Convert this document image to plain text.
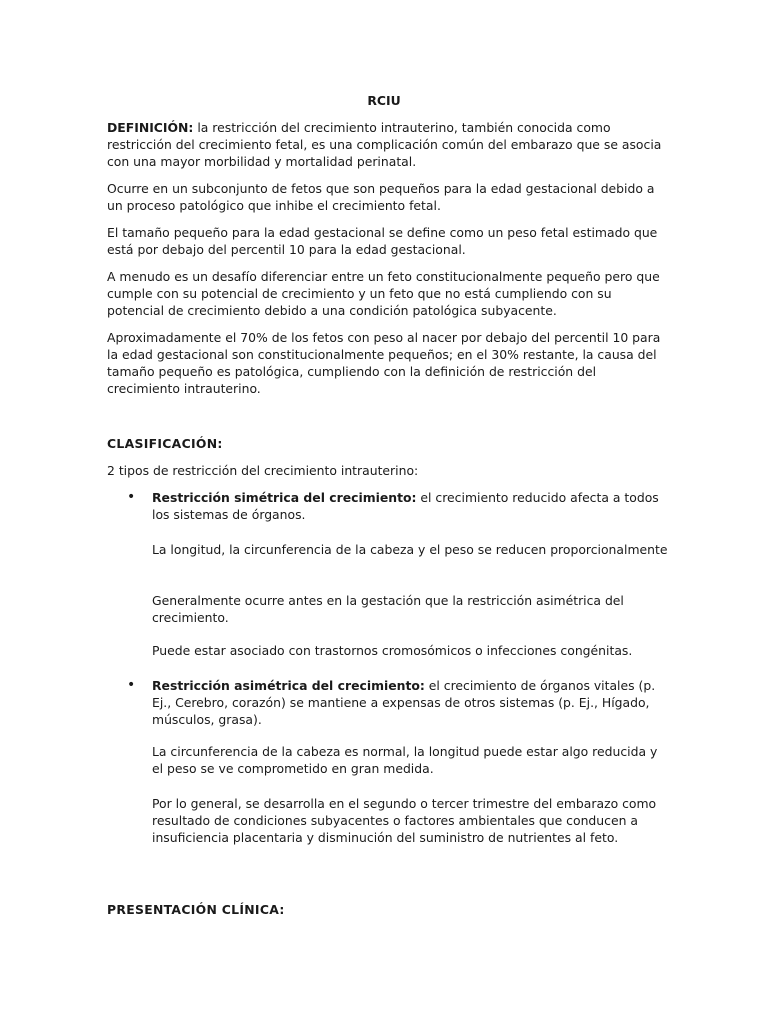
RCIU

DEFINICIÓN: la restricción del crecimiento intrauterino, también conocida como restricción del crecimiento fetal, es una complicación común del embarazo que se asocia con una mayor morbilidad y mortalidad perinatal.

Ocurre en un subconjunto de fetos que son pequeños para la edad gestacional debido a un proceso patológico que inhibe el crecimiento fetal.

El tamaño pequeño para la edad gestacional se define como un peso fetal estimado que está por debajo del percentil 10 para la edad gestacional.

A menudo es un desafío diferenciar entre un feto constitucionalmente pequeño pero que cumple con su potencial de crecimiento y un feto que no está cumpliendo con su potencial de crecimiento debido a una condición patológica subyacente.

Aproximadamente el 70% de los fetos con peso al nacer por debajo del percentil 10 para la edad gestacional son constitucionalmente pequeños; en el 30% restante, la causa del tamaño pequeño es patológica, cumpliendo con la definición de restricción del crecimiento intrauterino.

CLASIFICACIÓN:

2 tipos de restricción del crecimiento intrauterino:

• Restricción simétrica del crecimiento: el crecimiento reducido afecta a todos los sistemas de órganos.

La longitud, la circunferencia de la cabeza y el peso se reducen proporcionalmente

Generalmente ocurre antes en la gestación que la restricción asimétrica del crecimiento.

Puede estar asociado con trastornos cromosómicos o infecciones congénitas.

• Restricción asimétrica del crecimiento: el crecimiento de órganos vitales (p. Ej., Cerebro, corazón) se mantiene a expensas de otros sistemas (p. Ej., Hígado, músculos, grasa).

La circunferencia de la cabeza es normal, la longitud puede estar algo reducida y el peso se ve comprometido en gran medida.

Por lo general, se desarrolla en el segundo o tercer trimestre del embarazo como resultado de condiciones subyacentes o factores ambientales que conducen a insuficiencia placentaria y disminución del suministro de nutrientes al feto.

PRESENTACIÓN CLÍNICA:
